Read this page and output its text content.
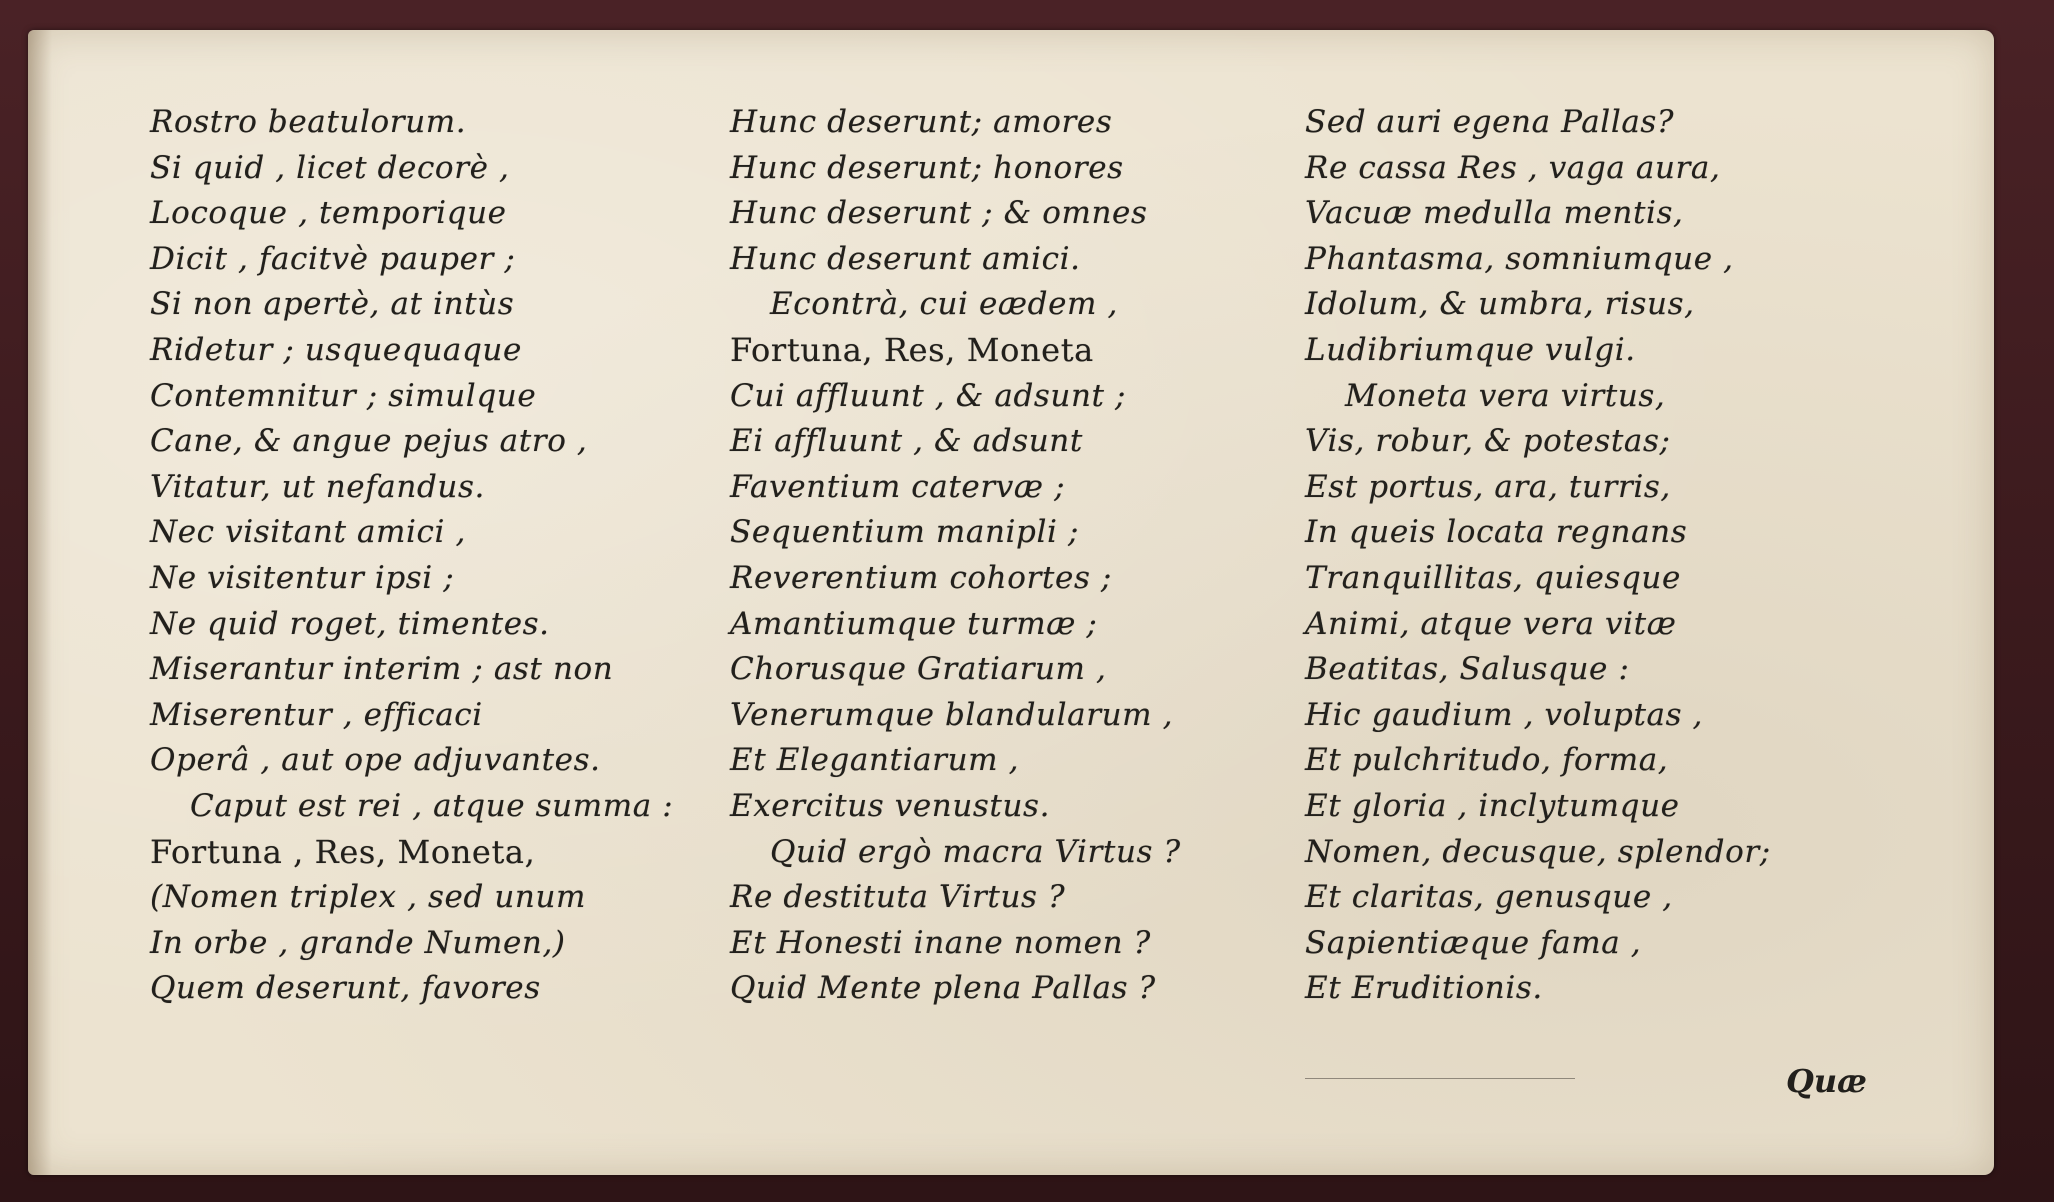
Rostro beatulorum.
Si quid , licet decorè ,
Locoque , temporique
Dicit , facitvè pauper ;
Si non apertè, at intùs
Ridetur ; usquequaque
Contemnitur ; simulque
Cane, & angue pejus atro ,
Vitatur, ut nefandus.
Nec visitant amici ,
Ne visitentur ipsi ;
Ne quid roget, timentes.
Miserantur interim ; ast non
Miserentur , efficaci
Operâ , aut ope adjuvantes.
Caput est rei , atque summa :
Fortuna , Res, Moneta,
(Nomen triplex , sed unum
In orbe , grande Numen,)
Quem deserunt, favores
Hunc deserunt; amores
Hunc deserunt; honores
Hunc deserunt ; & omnes
Hunc deserunt amici.
Econtrà, cui eædem ,
Fortuna, Res, Moneta
Cui affluunt , & adsunt ;
Ei affluunt , & adsunt
Faventium catervæ ;
Sequentium manipli ;
Reverentium cohortes ;
Amantiumque turmæ ;
Chorusque Gratiarum ,
Venerumque blandularum ,
Et Elegantiarum ,
Exercitus venustus.
Quid ergò macra Virtus ?
Re destituta Virtus ?
Et Honesti inane nomen ?
Quid Mente plena Pallas ?
Sed auri egena Pallas?
Re cassa Res , vaga aura,
Vacuæ medulla mentis,
Phantasma, somniumque ,
Idolum, & umbra, risus,
Ludibriumque vulgi.
Moneta vera virtus,
Vis, robur, & potestas;
Est portus, ara, turris,
In queis locata regnans
Tranquillitas, quiesque
Animi, atque vera vitæ
Beatitas, Salusque :
Hic gaudium , voluptas ,
Et pulchritudo, forma,
Et gloria , inclytumque
Nomen, decusque, splendor;
Et claritas, genusque ,
Sapientiæque fama ,
Et Eruditionis.
Quæ
